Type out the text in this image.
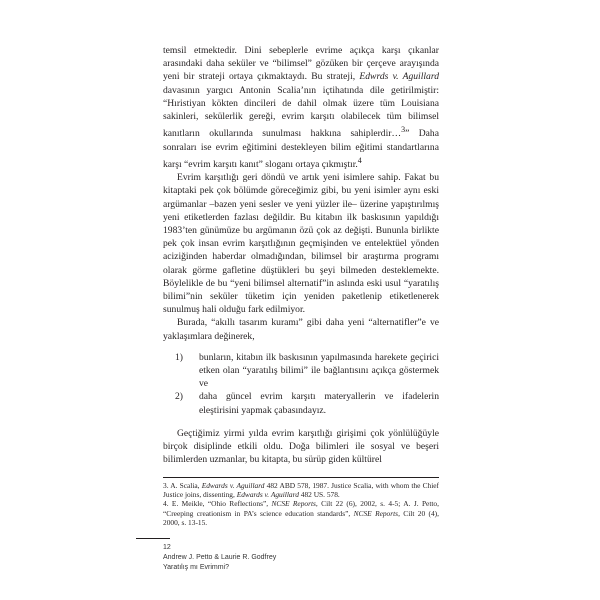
temsil etmektedir. Dini sebeplerle evrime açıkça karşı çıkanlar arasındaki daha seküler ve “bilimsel” gözüken bir çerçeve arayışında yeni bir strateji ortaya çıkmaktaydı. Bu strateji, Edwrds v. Aguillard davasının yargıcı Antonin Scalia’nın içtihatında dile getirilmiştir: “Hıristiyan kökten dincileri de dahil olmak üzere tüm Louisiana sakinleri, sekülerlik gereği, evrim karşıtı olabilecek tüm bilimsel kanıtların okullarında sunulması hakkına sahiplerdir…$^3$” Daha sonraları ise evrim eğitimini destekleyen bilim eğitimi standartlarına karşı “evrim karşıtı kanıt” sloganı ortaya çıkmıştır.$^4$

Evrim karşıtlığı geri döndü ve artık yeni isimlere sahip. Fakat bu kitaptaki pek çok bölümde göreceğimiz gibi, bu yeni isimler aynı eski argümanlar –bazen yeni sesler ve yeni yüzler ile– üzerine yapıştırılmış yeni etiketlerden fazlası değildir. Bu kitabın ilk baskısının yapıldığı 1983’ten günümüze bu argümanın özü çok az değişti. Bununla birlikte pek çok insan evrim karşıtlığının geçmişinden ve entelektüel yönden aciziğinden haberdar olmadığından, bilimsel bir araştırma programı olarak görme gafletine düştükleri bu şeyi bilmeden desteklemekte. Böylelikle de bu “yeni bilimsel alternatif”in aslında eski usul “yaratılış bilimi”nin seküler tüketim için yeniden paketlenip etiketlenerek sunulmuş hali olduğu fark edilmiyor.

Burada, “akıllı tasarım kuramı” gibi daha yeni “alternatifler”e ve yaklaşımlara değinerek,

1) bunların, kitabın ilk baskısının yapılmasında harekete geçirici etken olan “yaratılış bilimi” ile bağlantısını açıkça göstermek ve
2) daha güncel evrim karşıtı materyallerin ve ifadelerin eleştirisini yapmak çabasındayız.

Geçtiğimiz yirmi yılda evrim karşıtlığı girişimi çok yönlülüğüyle birçok disiplinde etkili oldu. Doğa bilimleri ile sosyal ve beşeri bilimlerden uzmanlar, bu kitapta, bu sürüp giden kültürel

3. A. Scalia, Edwards v. Aguillard 482 ABD 578, 1987. Justice Scalia, with whom the Chief Justice joins, dissenting, Edwards v. Aguillard 482 US. 578.

4. E. Meikle, “Ohio Reflections”, NCSE Reports, Cilt 22 (6), 2002, s. 4-5; A. J. Petto, “Creeping creationism in PA’s science education standards”, NCSE Reports, Cilt 20 (4), 2000, s. 13-15.

12
Andrew J. Petto & Laurie R. Godfrey
Yaratılış mı Evrimmi?
